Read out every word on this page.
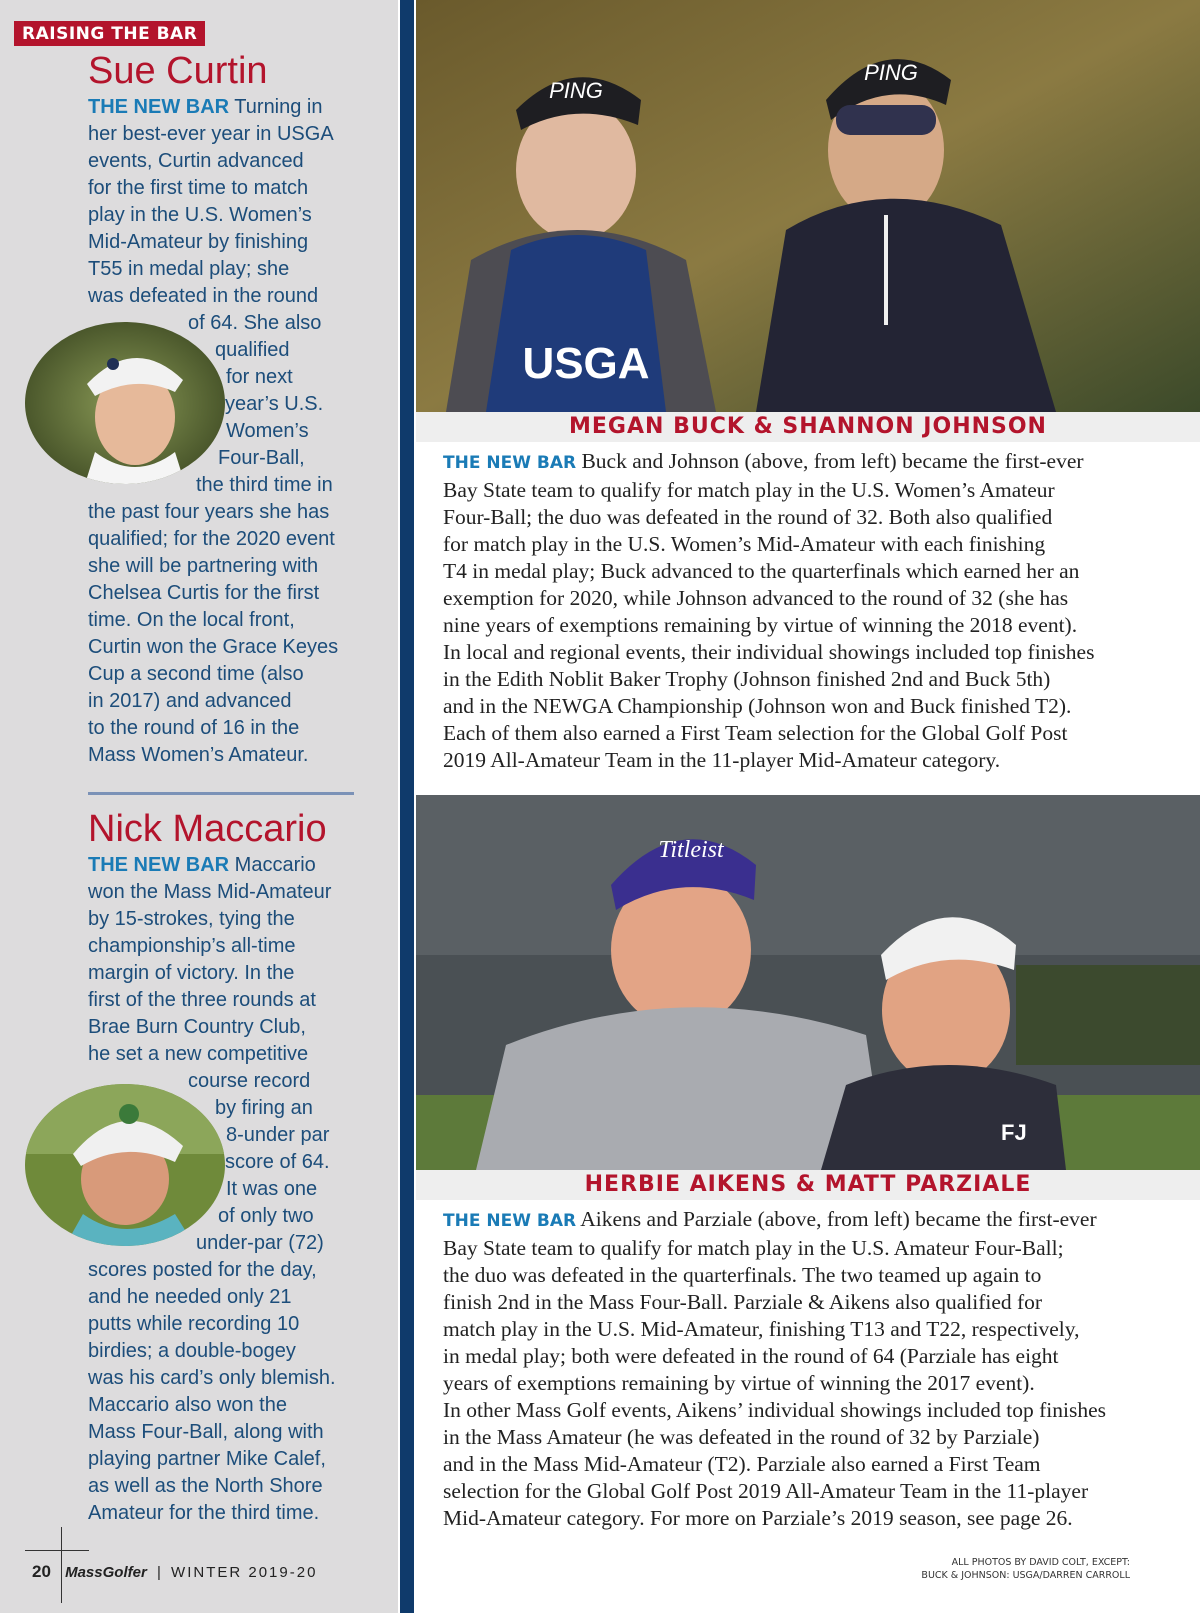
RAISING THE BAR
Sue Curtin
THE NEW BAR Turning in
her best-ever year in USGA
events, Curtin advanced
for the first time to match
play in the U.S. Women’s
Mid-Amateur by finishing
T55 in medal play; she
was defeated in the round
of 64. She also
qualified
for next
year’s U.S.
Women’s
Four-Ball,
the third time in
the past four years she has
qualified; for the 2020 event
she will be partnering with
Chelsea Curtis for the first
time. On the local front,
Curtin won the Grace Keyes
Cup a second time (also
in 2017) and advanced
to the round of 16 in the
Mass Women’s Amateur.
Nick Maccario
THE NEW BAR Maccario
won the Mass Mid-Amateur
by 15-strokes, tying the
championship’s all-time
margin of victory. In the
first of the three rounds at
Brae Burn Country Club,
he set a new competitive
course record
by firing an
8-under par
score of 64.
It was one
of only two
under-par (72)
scores posted for the day,
and he needed only 21
putts while recording 10
birdies; a double-bogey
was his card’s only blemish.
Maccario also won the
Mass Four-Ball, along with
playing partner Mike Calef,
as well as the North Shore
Amateur for the third time.
PING
USGA
PING
MEGAN BUCK & SHANNON JOHNSON
THE NEW BAR Buck and Johnson (above, from left) became the first-ever
Bay State team to qualify for match play in the U.S. Women’s Amateur
Four-Ball; the duo was defeated in the round of 32. Both also qualified
for match play in the U.S. Women’s Mid-Amateur with each finishing
T4 in medal play; Buck advanced to the quarterfinals which earned her an
exemption for 2020, while Johnson advanced to the round of 32 (she has
nine years of exemptions remaining by virtue of winning the 2018 event).
In local and regional events, their individual showings included top finishes
in the Edith Noblit Baker Trophy (Johnson finished 2nd and Buck 5th)
and in the NEWGA Championship (Johnson won and Buck finished T2).
Each of them also earned a First Team selection for the Global Golf Post
2019 All-Amateur Team in the 11-player Mid-Amateur category.
Titleist
FJ
HERBIE AIKENS & MATT PARZIALE
THE NEW BAR Aikens and Parziale (above, from left) became the first-ever
Bay State team to qualify for match play in the U.S. Amateur Four-Ball;
the duo was defeated in the quarterfinals. The two teamed up again to
finish 2nd in the Mass Four-Ball. Parziale & Aikens also qualified for
match play in the U.S. Mid-Amateur, finishing T13 and T22, respectively,
in medal play; both were defeated in the round of 64 (Parziale has eight
years of exemptions remaining by virtue of winning the 2017 event).
In other Mass Golf events, Aikens’ individual showings included top finishes
in the Mass Amateur (he was defeated in the round of 32 by Parziale)
and in the Mass Mid-Amateur (T2). Parziale also earned a First Team
selection for the Global Golf Post 2019 All-Amateur Team in the 11-player
Mid-Amateur category. For more on Parziale’s 2019 season, see page 26.
20 MassGolfer | WINTER 2019-20
ALL PHOTOS BY DAVID COLT, EXCEPT:
BUCK & JOHNSON: USGA/DARREN CARROLL
